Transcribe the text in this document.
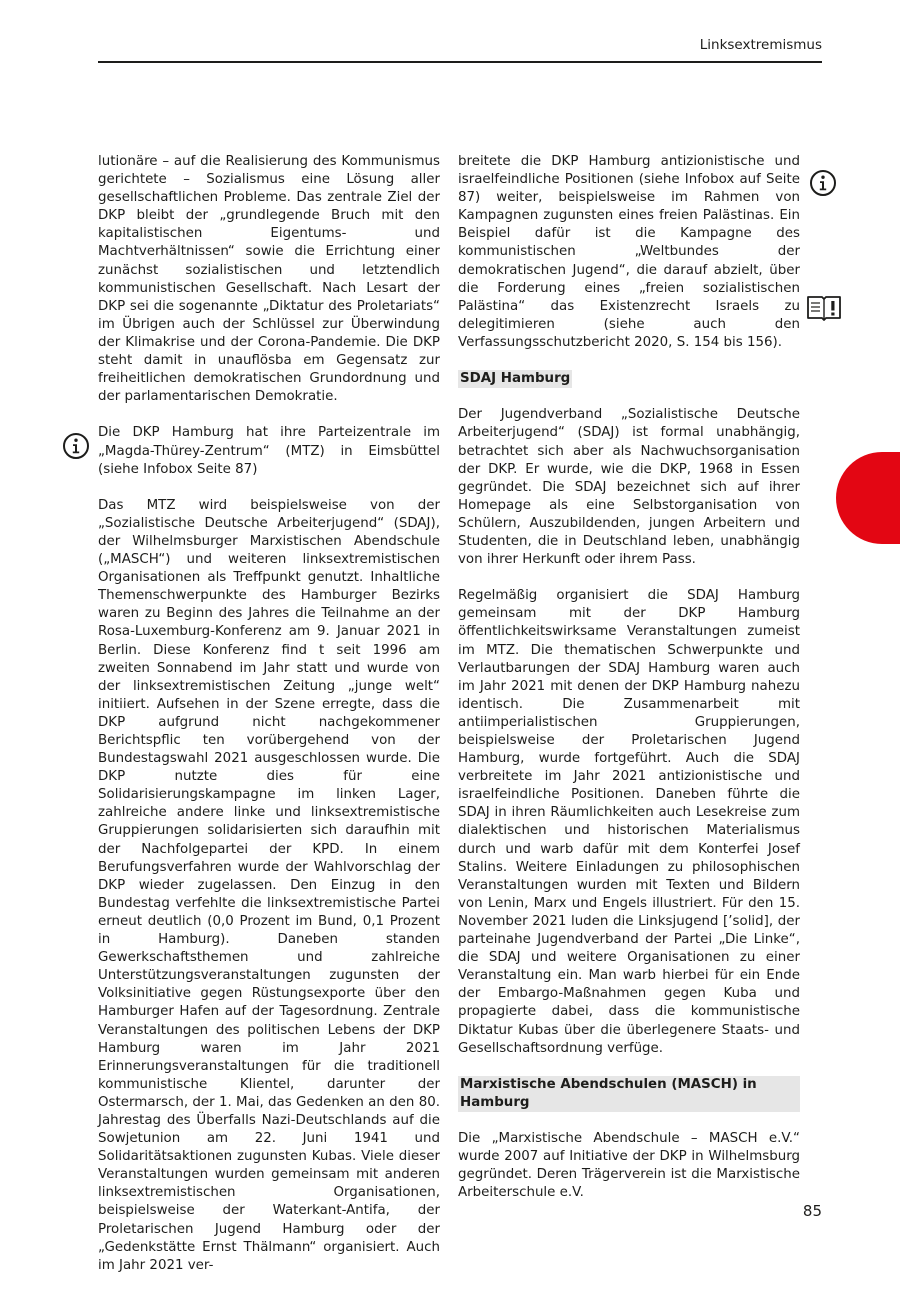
Linksextremismus

lutionäre – auf die Realisierung des Kommunismus gerichtete – Sozialismus eine Lösung aller gesellschaftlichen Probleme. Das zentrale Ziel der DKP bleibt der „grundlegende Bruch mit den kapitalistischen Eigentums- und Machtverhältnissen“ sowie die Errichtung einer zunächst sozialistischen und letztendlich kommunistischen Gesellschaft. Nach Lesart der DKP sei die sogenannte „Diktatur des Proletariats“ im Übrigen auch der Schlüssel zur Überwindung der Klimakrise und der Corona-Pandemie. Die DKP steht damit in unauflösba em Gegensatz zur freiheitlichen demokratischen Grundordnung und der parlamentarischen Demokratie.

Die DKP Hamburg hat ihre Parteizentrale im „Magda-Thürey-Zentrum“ (MTZ) in Eimsbüttel (siehe Infobox Seite 87)

Das MTZ wird beispielsweise von der „Sozialistische Deutsche Arbeiterjugend“ (SDAJ), der Wilhelmsburger Marxistischen Abendschule („MASCH“) und weiteren linksextremistischen Organisationen als Treffpunkt genutzt. Inhaltliche Themenschwerpunkte des Hamburger Bezirks waren zu Beginn des Jahres die Teilnahme an der Rosa-Luxemburg-Konferenz am 9. Januar 2021 in Berlin. Diese Konferenz find t seit 1996 am zweiten Sonnabend im Jahr statt und wurde von der linksextremistischen Zeitung „junge welt“ initiiert. Aufsehen in der Szene erregte, dass die DKP aufgrund nicht nachgekommener Berichtspflic ten vorübergehend von der Bundestagswahl 2021 ausgeschlossen wurde. Die DKP nutzte dies für eine Solidarisierungskampagne im linken Lager, zahlreiche andere linke und linksextremistische Gruppierungen solidarisierten sich daraufhin mit der Nachfolgepartei der KPD. In einem Berufungsverfahren wurde der Wahlvorschlag der DKP wieder zugelassen. Den Einzug in den Bundestag verfehlte die linksextremistische Partei erneut deutlich (0,0 Prozent im Bund, 0,1 Prozent in Hamburg). Daneben standen Gewerkschaftsthemen und zahlreiche Unterstützungsveranstaltungen zugunsten der Volksinitiative gegen Rüstungsexporte über den Hamburger Hafen auf der Tagesordnung. Zentrale Veranstaltungen des politischen Lebens der DKP Hamburg waren im Jahr 2021 Erinnerungsveranstaltungen für die traditionell kommunistische Klientel, darunter der Ostermarsch, der 1. Mai, das Gedenken an den 80. Jahrestag des Überfalls Nazi-Deutschlands auf die Sowjetunion am 22. Juni 1941 und Solidaritätsaktionen zugunsten Kubas. Viele dieser Veranstaltungen wurden gemeinsam mit anderen linksextremistischen Organisationen, beispielsweise der Waterkant-Antifa, der Proletarischen Jugend Hamburg oder der „Gedenkstätte Ernst Thälmann“ organisiert. Auch im Jahr 2021 ver-

breitete die DKP Hamburg antizionistische und israelfeindliche Positionen (siehe Infobox auf Seite 87) weiter, beispielsweise im Rahmen von Kampagnen zugunsten eines freien Palästinas. Ein Beispiel dafür ist die Kampagne des kommunistischen „Weltbundes der demokratischen Jugend“, die darauf abzielt, über die Forderung eines „freien sozialistischen Palästina“ das Existenzrecht Israels zu delegitimieren (siehe auch den Verfassungsschutzbericht 2020, S. 154 bis 156).

SDAJ Hamburg

Der Jugendverband „Sozialistische Deutsche Arbeiterjugend“ (SDAJ) ist formal unabhängig, betrachtet sich aber als Nachwuchsorganisation der DKP. Er wurde, wie die DKP, 1968 in Essen gegründet. Die SDAJ bezeichnet sich auf ihrer Homepage als eine Selbstorganisation von Schülern, Auszubildenden, jungen Arbeitern und Studenten, die in Deutschland leben, unabhängig von ihrer Herkunft oder ihrem Pass.

Regelmäßig organisiert die SDAJ Hamburg gemeinsam mit der DKP Hamburg öffentlichkeitswirksame Veranstaltungen zumeist im MTZ. Die thematischen Schwerpunkte und Verlautbarungen der SDAJ Hamburg waren auch im Jahr 2021 mit denen der DKP Hamburg nahezu identisch. Die Zusammenarbeit mit antiimperialistischen Gruppierungen, beispielsweise der Proletarischen Jugend Hamburg, wurde fortgeführt. Auch die SDAJ verbreitete im Jahr 2021 antizionistische und israelfeindliche Positionen. Daneben führte die SDAJ in ihren Räumlichkeiten auch Lesekreise zum dialektischen und historischen Materialismus durch und warb dafür mit dem Konterfei Josef Stalins. Weitere Einladungen zu philosophischen Veranstaltungen wurden mit Texten und Bildern von Lenin, Marx und Engels illustriert. Für den 15. November 2021 luden die Linksjugend [’solid], der parteinahe Jugendverband der Partei „Die Linke“, die SDAJ und weitere Organisationen zu einer Veranstaltung ein. Man warb hierbei für ein Ende der Embargo-Maßnahmen gegen Kuba und propagierte dabei, dass die kommunistische Diktatur Kubas über die überlegenere Staats- und Gesellschaftsordnung verfüge.

Marxistische Abendschulen (MASCH) in Hamburg

Die „Marxistische Abendschule – MASCH e.V.“ wurde 2007 auf Initiative der DKP in Wilhelmsburg gegründet. Deren Trägerverein ist die Marxistische Arbeiterschule e.V.

85
